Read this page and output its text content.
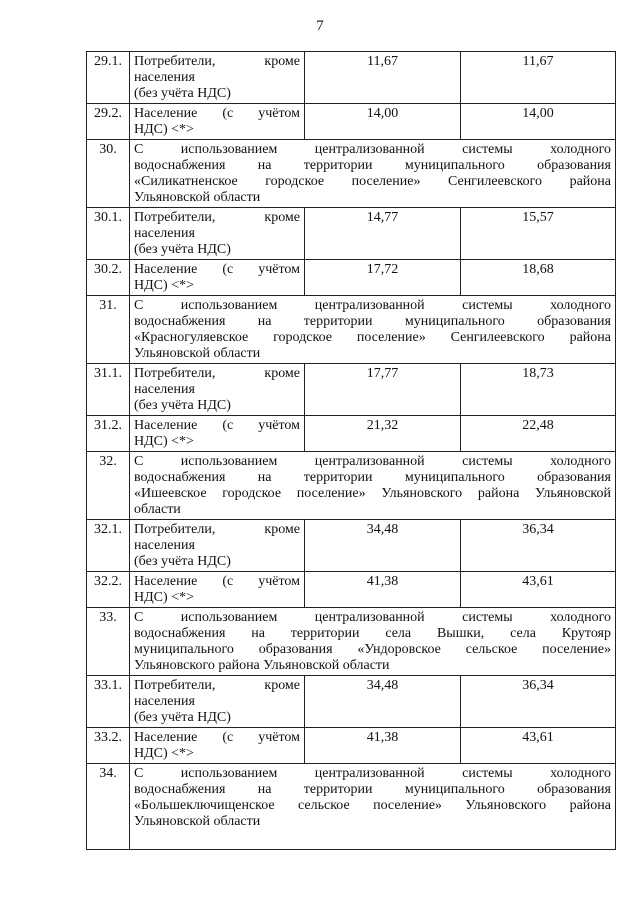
7
29.1.	Потребители, кроме
населения
(без учёта НДС)	11,67	11,67
29.2.	Население (с учётом
НДС) <*>	14,00	14,00
30.	С использованием централизованной системы холодного
водоснабжения на территории муниципального образования
«Силикатненское городское поселение» Сенгилеевского района
Ульяновской области		

30.1.	Потребители, кроме
населения
(без учёта НДС)	14,77	15,57
30.2.	Население (с учётом
НДС) <*>	17,72	18,68
31.	С использованием централизованной системы холодного
водоснабжения на территории муниципального образования
«Красногуляевское городское поселение» Сенгилеевского района
Ульяновской области		

31.1.	Потребители, кроме
населения
(без учёта НДС)	17,77	18,73
31.2.	Население (с учётом
НДС) <*>	21,32	22,48
32.	С использованием централизованной системы холодного
водоснабжения на территории муниципального образования
«Ишеевское городское поселение» Ульяновского района Ульяновской
области		

32.1.	Потребители, кроме
населения
(без учёта НДС)	34,48	36,34
32.2.	Население (с учётом
НДС) <*>	41,38	43,61
33.	С использованием централизованной системы холодного
водоснабжения на территории села Вышки, села Крутояр
муниципального образования «Ундоровское сельское поселение»
Ульяновского района Ульяновской области		

33.1.	Потребители, кроме
населения
(без учёта НДС)	34,48	36,34
33.2.	Население (с учётом
НДС) <*>	41,38	43,61
34.	С использованием централизованной системы холодного
водоснабжения на территории муниципального образования
«Большеключищенское сельское поселение» Ульяновского района
Ульяновской области		
